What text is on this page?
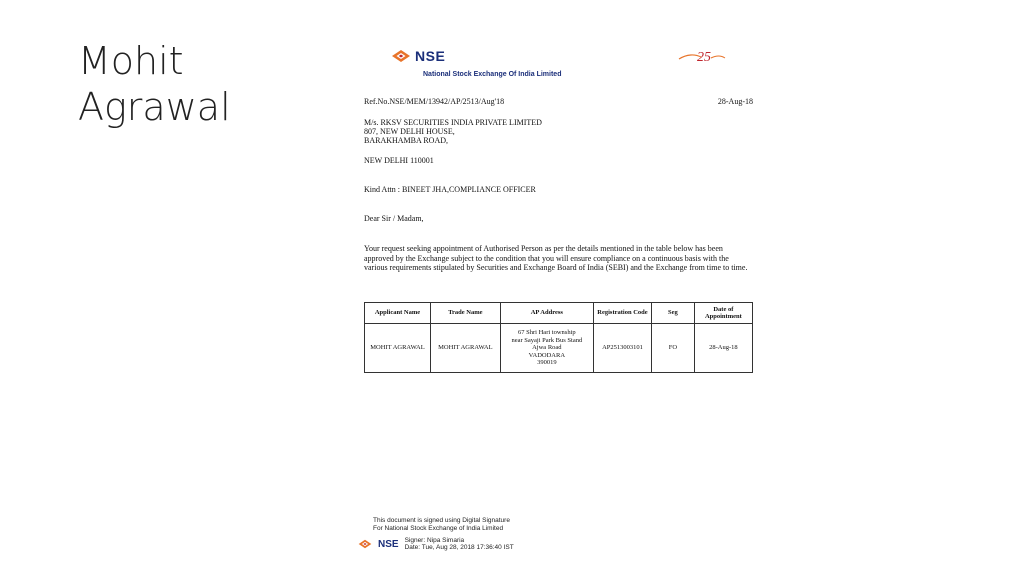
Mohit
Agrawal
NSE
National Stock Exchange Of India Limited
25
Ref.No.NSE/MEM/13942/AP/2513/Aug'18	28-Aug-18
M/s. RKSV SECURITIES INDIA PRIVATE LIMITED
807, NEW DELHI HOUSE,
BARAKHAMBA ROAD,
NEW DELHI 110001
Kind Attn : BINEET JHA,COMPLIANCE OFFICER
Dear Sir / Madam,
Your request seeking appointment of Authorised Person as per the details mentioned in the table below has been approved by the Exchange subject to the condition that you will ensure compliance on a continuous basis with the various requirements stipulated by Securities and Exchange Board of India (SEBI) and the Exchange from time to time.
Applicant Name	Trade Name	AP Address	Registration Code	Seg	Date of Appointment
MOHIT AGRAWAL	MOHIT AGRAWAL	67 Shri Hari township
near Sayaji Park Bus Stand
Ajwa Road
VADODARA
390019	AP2513003101	FO	28-Aug-18
This document is signed using Digital Signature
For National Stock Exchange of India Limited
NSE Signer: Nipa Simaria
Date: Tue, Aug 28, 2018 17:36:40 IST
